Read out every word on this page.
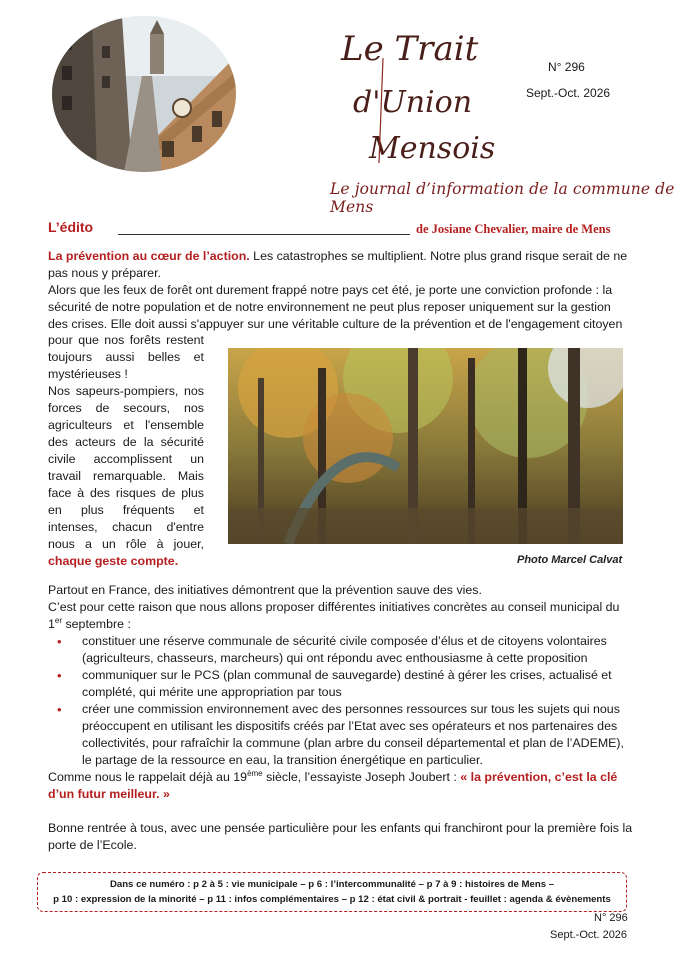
Le Trait
d'Union
Mensois
N° 296
Sept.-Oct. 2026
Le journal d’information de la commune de Mens
L’édito	de Josiane Chevalier, maire de Mens
La prévention au cœur de l’action. Les catastrophes se multiplient. Notre plus grand risque serait de ne pas nous y préparer.
Alors que les feux de forêt ont durement frappé notre pays cet été, je porte une conviction profonde : la sécurité de notre population et de notre environnement ne peut plus reposer uniquement sur la gestion des crises. Elle doit aussi s'appuyer sur une véritable culture de la prévention et de l'engagement citoyen
pour que nos forêts restent toujours aussi belles et mystérieuses !
Nos sapeurs-pompiers, nos forces de secours, nos agriculteurs et l'ensemble des acteurs de la sécurité civile accomplissent un travail remarquable. Mais face à des risques de plus en plus fréquents et intenses, chacun d'entre nous a un rôle à jouer, chaque geste compte.	Photo Marcel Calvat
Partout en France, des initiatives démontrent que la prévention sauve des vies.
C’est pour cette raison que nous allons proposer différentes initiatives concrètes au conseil municipal du 1er septembre :
• constituer une réserve communale de sécurité civile composée d’élus et de citoyens volontaires (agriculteurs, chasseurs, marcheurs) qui ont répondu avec enthousiasme à cette proposition
• communiquer sur le PCS (plan communal de sauvegarde) destiné à gérer les crises, actualisé et complété, qui mérite une appropriation par tous
• créer une commission environnement avec des personnes ressources sur tous les sujets qui nous préoccupent en utilisant les dispositifs créés par l’Etat avec ses opérateurs et nos partenaires des collectivités, pour rafraîchir la commune (plan arbre du conseil départemental et plan de l’ADEME), le partage de la ressource en eau, la transition énergétique en particulier.
Comme nous le rappelait déjà au 19ème siècle, l’essayiste Joseph Joubert : « la prévention, c’est la clé d’un futur meilleur. »
Bonne rentrée à tous, avec une pensée particulière pour les enfants qui franchiront pour la première fois la porte de l’Ecole.
Dans ce numéro : p 2 à 5 : vie municipale – p 6 : l’intercommunalité – p 7 à 9 : histoires de Mens –
p 10 : expression de la minorité – p 11 : infos complémentaires – p 12 : état civil & portrait - feuillet : agenda & évènements
N° 296
Sept.-Oct. 2026
